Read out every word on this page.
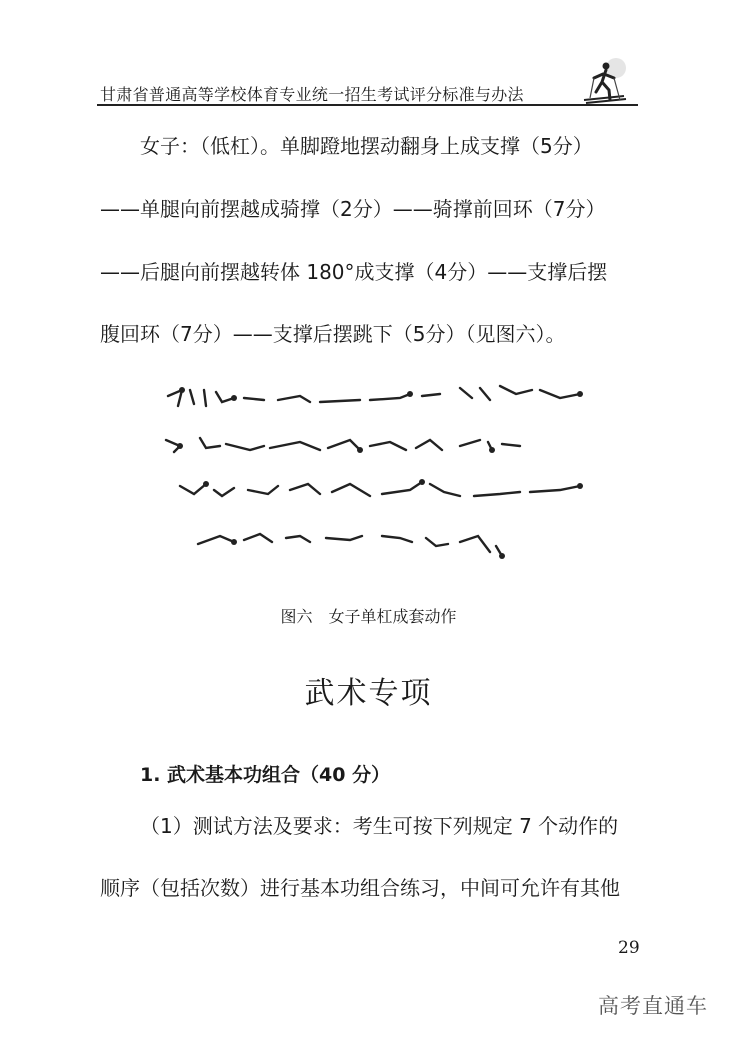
甘肃省普通高等学校体育专业统一招生考试评分标准与办法
女子：（低杠）。单脚蹬地摆动翻身上成支撑（5分）
——单腿向前摆越成骑撑（2分）——骑撑前回环（7分）
——后腿向前摆越转体 180°成支撑（4分）——支撑后摆
腹回环（7分）——支撑后摆跳下（5分）（见图六）。
图六　女子单杠成套动作
武术专项
1. 武术基本功组合（40 分）
（1）测试方法及要求：考生可按下列规定 7 个动作的
顺序（包括次数）进行基本功组合练习，中间可允许有其他
29
高考直通车
